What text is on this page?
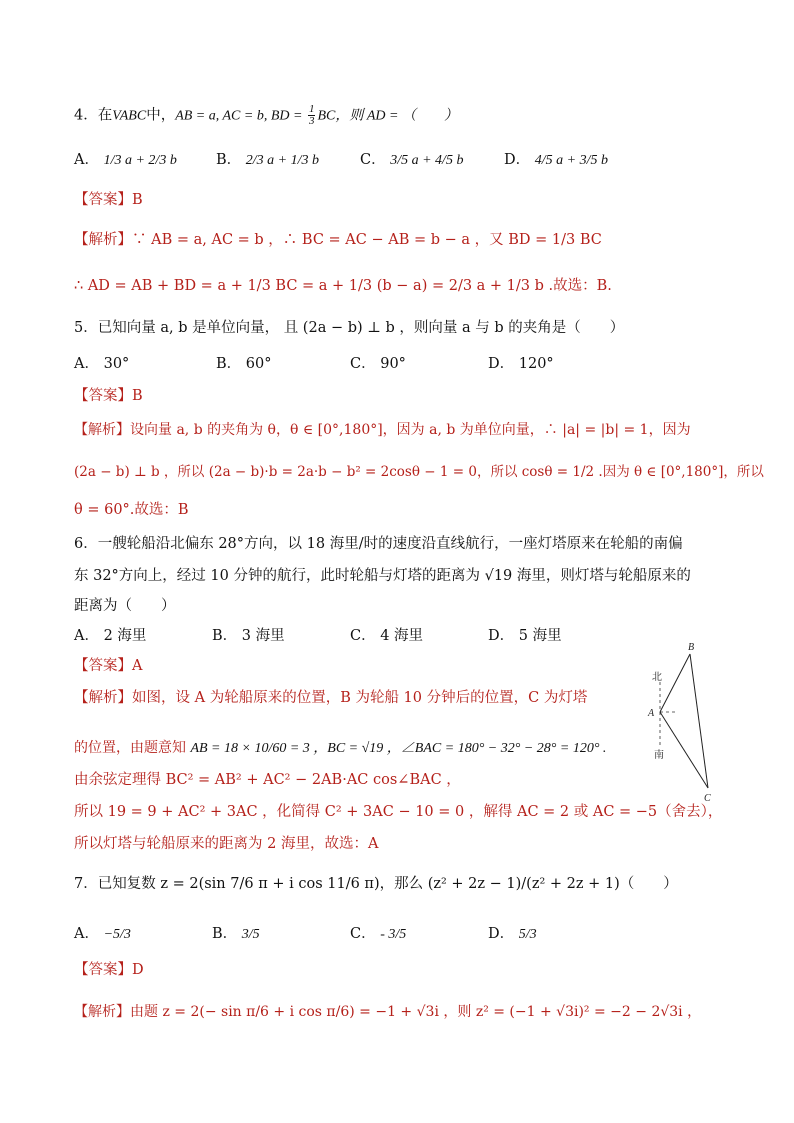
4．在VABC中，AB = a, AC = b, BD = $\frac{1}{3}$ BC，则 AD = （　　）
A． 1/3 a + 2/3 b	B． 2/3 a + 1/3 b	C． 3/5 a + 4/5 b	D． 4/5 a + 3/5 b
【答案】B
【解析】∵ AB = a, AC = b ，∴ BC = AC − AB = b − a ，又 BD = 1/3 BC
∴ AD = AB + BD = a + 1/3 BC = a + 1/3 (b − a) = 2/3 a + 1/3 b .故选：B.
5．已知向量 a, b 是单位向量， 且 (2a − b) ⊥ b ，则向量 a 与 b 的夹角是（　　）
A． 30°	B． 60°	C． 90°	D． 120°
【答案】B
【解析】设向量 a, b 的夹角为 θ，θ ∈ [0°,180°]，因为 a, b 为单位向量，∴ |a| = |b| = 1，因为
(2a − b) ⊥ b ，所以 (2a − b)·b = 2a·b − b² = 2cosθ − 1 = 0，所以 cosθ = 1/2 .因为 θ ∈ [0°,180°]，所以
θ = 60°.故选：B
6．一艘轮船沿北偏东 28°方向，以 18 海里/时的速度沿直线航行，一座灯塔原来在轮船的南偏
东 32°方向上，经过 10 分钟的航行，此时轮船与灯塔的距离为 √19 海里，则灯塔与轮船原来的
距离为（　　）
A． 2 海里	B． 3 海里	C． 4 海里	D． 5 海里
【答案】A
【解析】如图，设 A 为轮船原来的位置，B 为轮船 10 分钟后的位置，C 为灯塔
的位置，由题意知 AB = 18 × 10/60 = 3 ，BC = √19 ，∠BAC = 180° − 32° − 28° = 120° .
由余弦定理得 BC² = AB² + AC² − 2AB·AC cos∠BAC ，
所以 19 = 9 + AC² + 3AC ，化简得 C² + 3AC − 10 = 0 ，解得 AC = 2 或 AC = −5（舍去），
所以灯塔与轮船原来的距离为 2 海里，故选：A
北
南
A
B
C
7．已知复数 z = 2(sin 7/6 π + i cos 11/6 π)，那么 (z² + 2z − 1)/(z² + 2z + 1)（　　）
A． −5/3	B． 3/5	C． - 3/5	D． 5/3
【答案】D
【解析】由题 z = 2(− sin π/6 + i cos π/6) = −1 + √3i ，则 z² = (−1 + √3i)² = −2 − 2√3i ，
